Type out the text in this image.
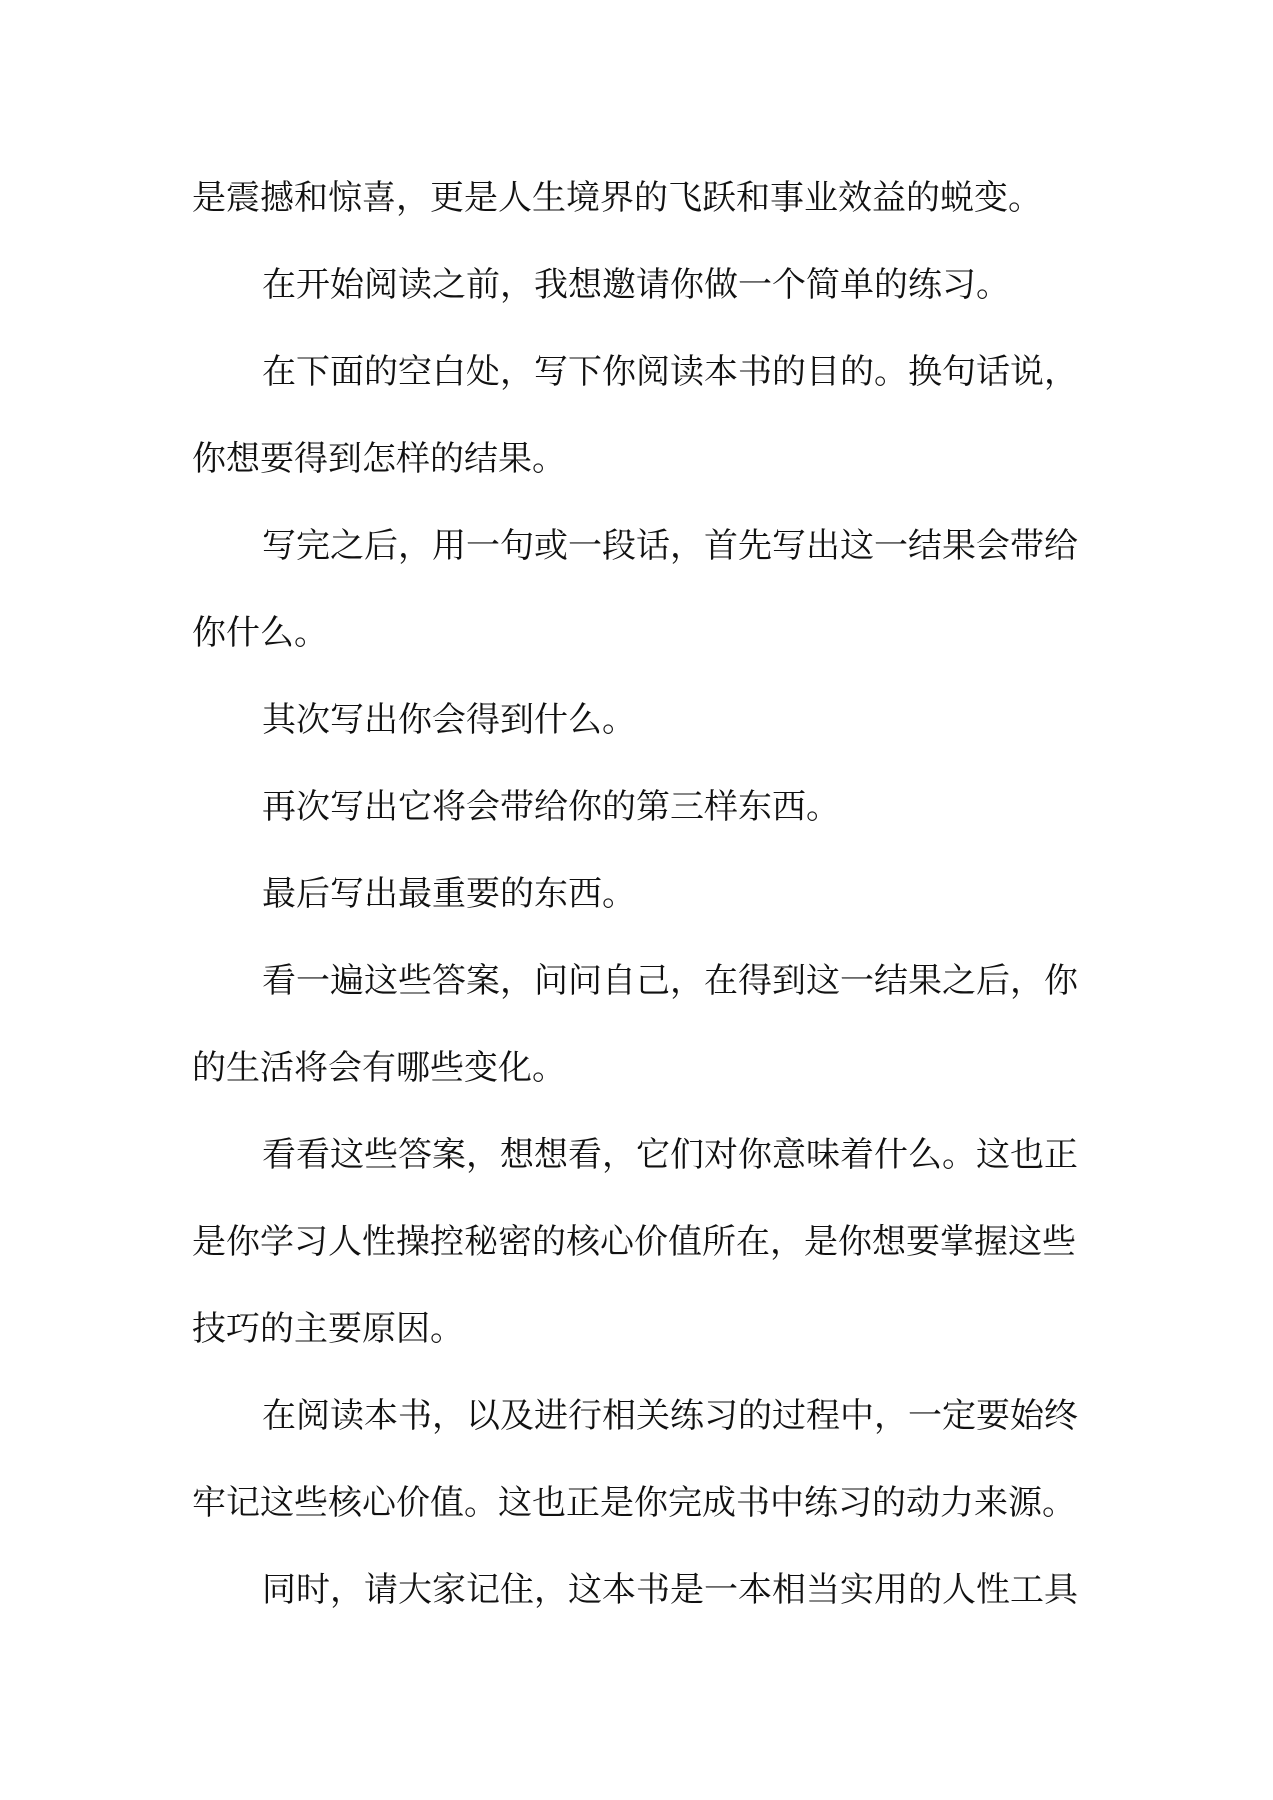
是震撼和惊喜，更是人生境界的飞跃和事业效益的蜕变。

在开始阅读之前，我想邀请你做一个简单的练习。

在下面的空白处，写下你阅读本书的目的。换句话说，

你想要得到怎样的结果。

写完之后，用一句或一段话，首先写出这一结果会带给

你什么。

其次写出你会得到什么。

再次写出它将会带给你的第三样东西。

最后写出最重要的东西。

看一遍这些答案，问问自己，在得到这一结果之后，你

的生活将会有哪些变化。

看看这些答案，想想看，它们对你意味着什么。这也正

是你学习人性操控秘密的核心价值所在，是你想要掌握这些

技巧的主要原因。

在阅读本书，以及进行相关练习的过程中，一定要始终

牢记这些核心价值。这也正是你完成书中练习的动力来源。

同时，请大家记住，这本书是一本相当实用的人性工具
